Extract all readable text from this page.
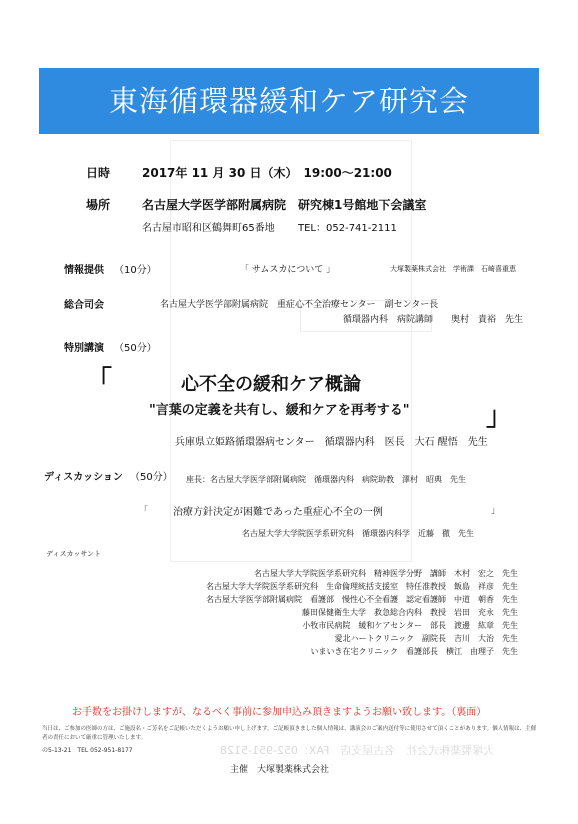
東海循環器緩和ケア研究会
日時	2017年 11 月 30 日（木）　19:00〜21:00
場所	名古屋大学医学部附属病院　研究棟1号館地下会議室
名古屋市昭和区鶴舞町65番地 TEL：052-741-2111
情報提供 （10分）	「 サムスカについて 」	大塚製薬株式会社　学術課　石崎喜重恵
総合司会	名古屋大学医学部附属病院　重症心不全治療センター　副センター長
循環器内科　病院講師　　奥村　貴裕　先生
特別講演 （50分）
「	心不全の緩和ケア概論
"言葉の定義を共有し、緩和ケアを再考する"	」
兵庫県立姫路循環器病センター　循環器内科　医長　大石 醒悟　先生
ディスカッション （50分） 座長：名古屋大学医学部附属病院　循環器内科　病院助教　澤村　昭典　先生
「 治療方針決定が困難であった重症心不全の一例	」
名古屋大学大学院医学系研究科　循環器内科学　近藤　徹　先生
ディスカッサント
名古屋大学大学院医学系研究科　精神医学分野　講師　木村　宏之　先生
名古屋大学大学院医学系研究科　生命倫理統括支援室　特任准教授　飯島　祥彦　先生
名古屋大学医学部附属病院　看護部　慢性心不全看護　認定看護師　中道　朝香　先生
藤田保健衛生大学　救急総合内科　教授　岩田　充永　先生
小牧市民病院　緩和ケアセンター　部長　渡邊　紘章　先生
愛北ハートクリニック　副院長　吉川　大治　先生
いまいき在宅クリニック　看護部長　横江　由理子　先生
お手数をお掛けしますが、なるべく事前に参加申込み頂きますようお願い致します。（裏面）
当日は、ご参加の医師の方は、ご施設名・ご芳名をご記帳いただくようお願い申し上げます。ご記帳頂きました個人情報は、講演会のご案内送付等に使用させて頂くことがあります。個人情報は、主催者の責任において厳重に管理いたします。
の5-13-21　TEL 052-951-8177	大塚製薬株式会社　名古屋支店　FAX：052-951-5128
主催　大塚製薬株式会社
